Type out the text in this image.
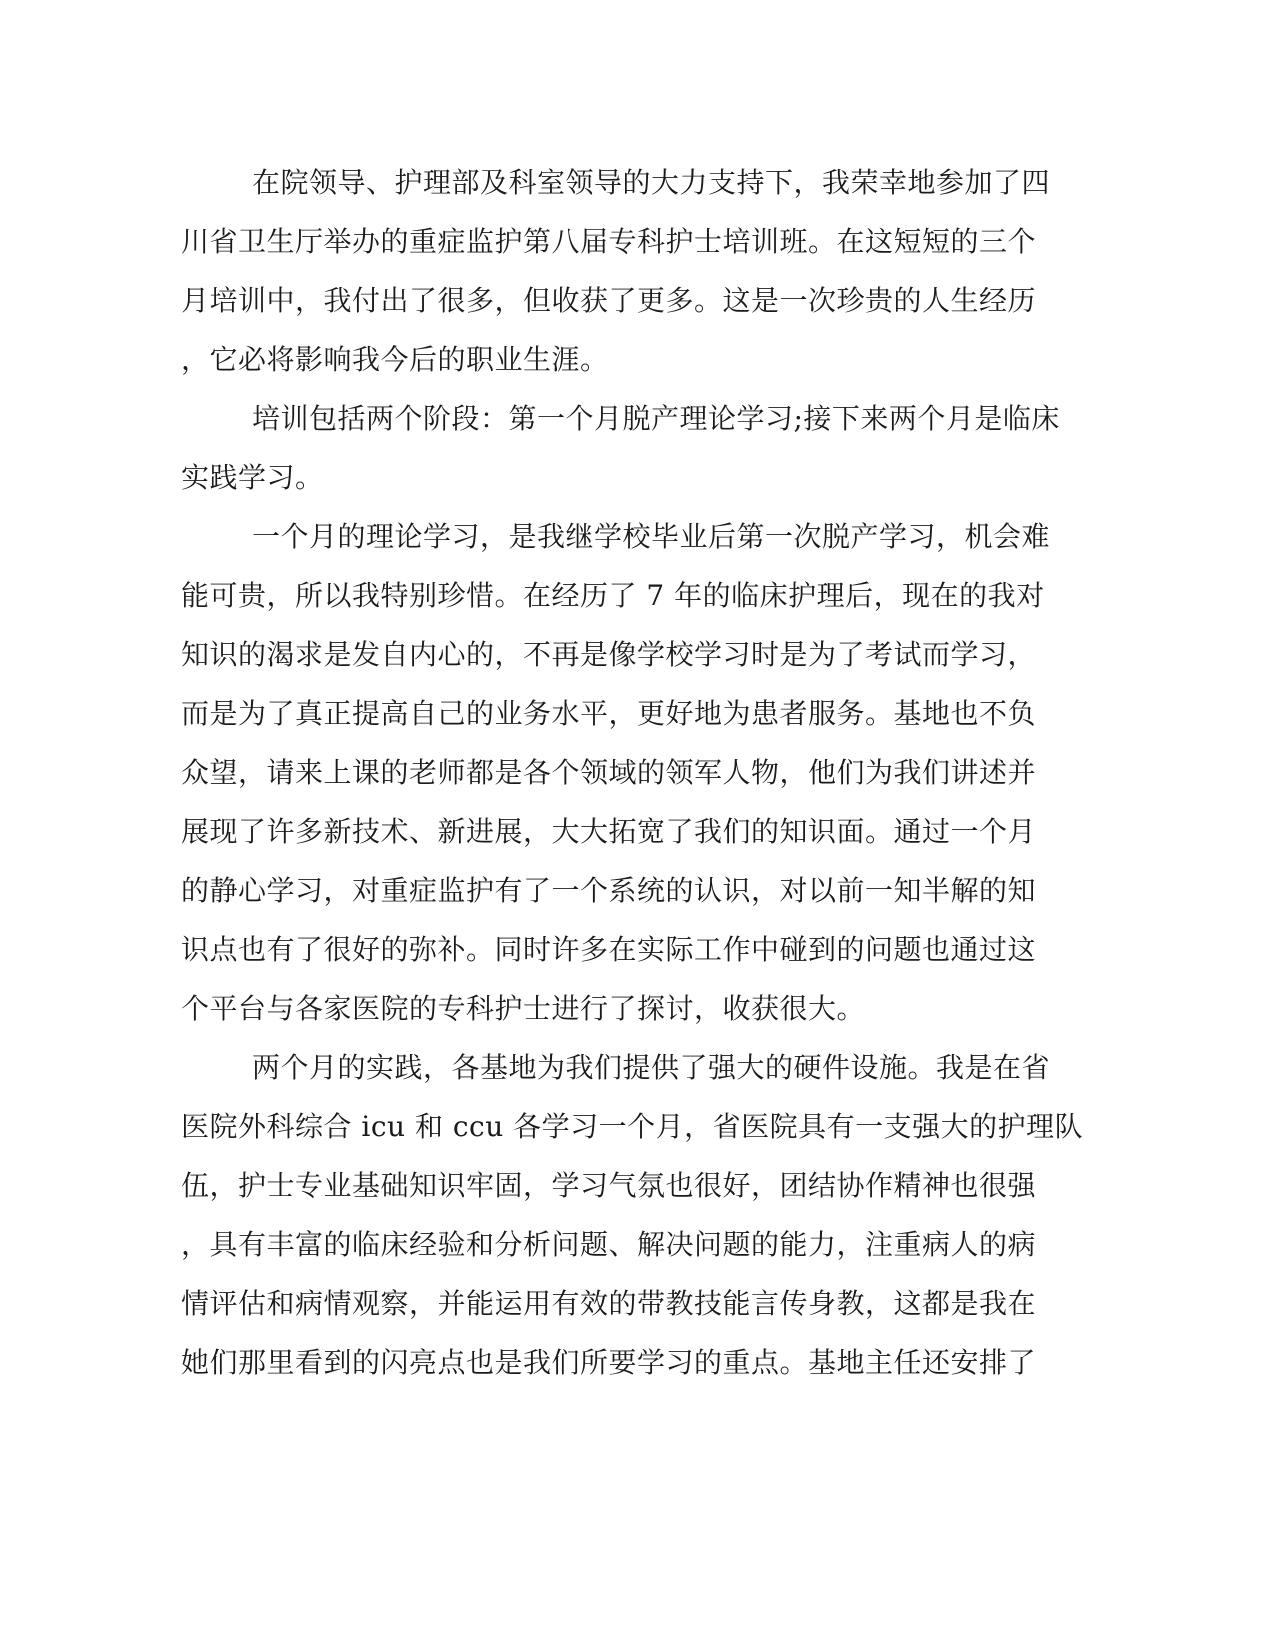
在院领导、护理部及科室领导的大力支持下，我荣幸地参加了四
川省卫生厅举办的重症监护第八届专科护士培训班。在这短短的三个
月培训中，我付出了很多，但收获了更多。这是一次珍贵的人生经历
，它必将影响我今后的职业生涯。
培训包括两个阶段：第一个月脱产理论学习;接下来两个月是临床
实践学习。
一个月的理论学习，是我继学校毕业后第一次脱产学习，机会难
能可贵，所以我特别珍惜。在经历了 7 年的临床护理后，现在的我对
知识的渴求是发自内心的，不再是像学校学习时是为了考试而学习，
而是为了真正提高自己的业务水平，更好地为患者服务。基地也不负
众望，请来上课的老师都是各个领域的领军人物，他们为我们讲述并
展现了许多新技术、新进展，大大拓宽了我们的知识面。通过一个月
的静心学习，对重症监护有了一个系统的认识，对以前一知半解的知
识点也有了很好的弥补。同时许多在实际工作中碰到的问题也通过这
个平台与各家医院的专科护士进行了探讨，收获很大。
两个月的实践，各基地为我们提供了强大的硬件设施。我是在省
医院外科综合 icu 和 ccu 各学习一个月，省医院具有一支强大的护理队
伍，护士专业基础知识牢固，学习气氛也很好，团结协作精神也很强
，具有丰富的临床经验和分析问题、解决问题的能力，注重病人的病
情评估和病情观察，并能运用有效的带教技能言传身教，这都是我在
她们那里看到的闪亮点也是我们所要学习的重点。基地主任还安排了
